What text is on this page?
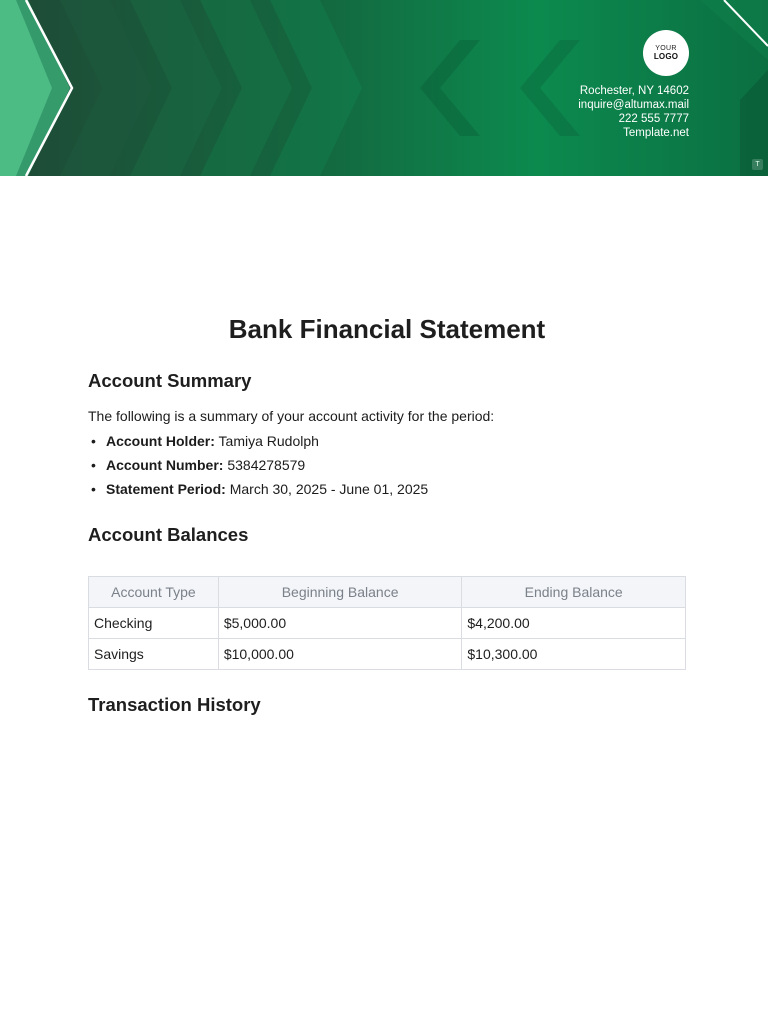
YOUR
LOGO
Rochester, NY 14602
inquire@altumax.mail
222 555 7777
Template.net
T
Bank Financial Statement
Account Summary

The following is a summary of your account activity for the period:

• Account Holder: Tamiya Rudolph
• Account Number: 5384278579
• Statement Period: March 30, 2025 - June 01, 2025
Account Balances
Account Type	Beginning Balance	Ending Balance
Checking	$5,000.00	$4,200.00
Savings	$10,000.00	$10,300.00
Transaction History
